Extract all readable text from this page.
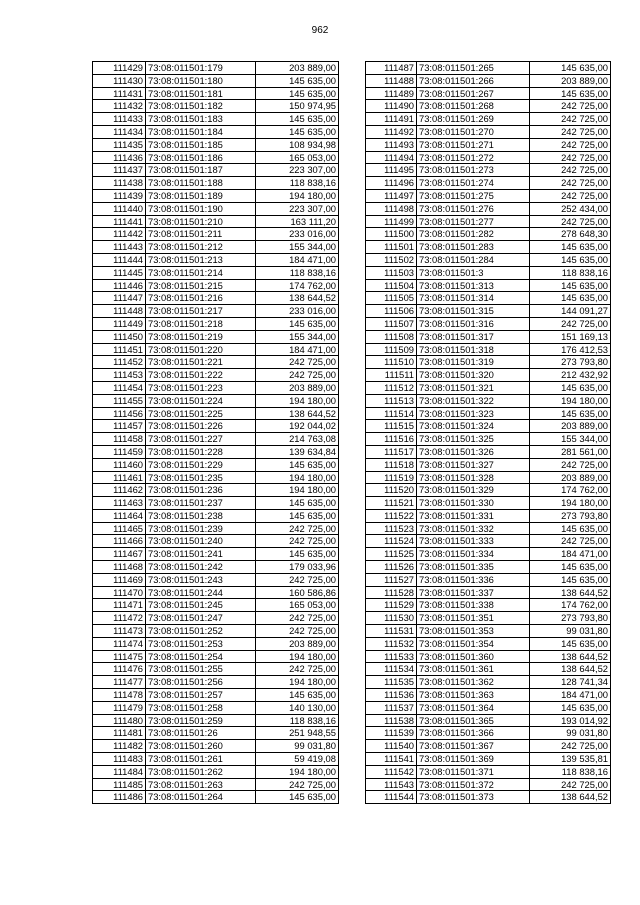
962
111429	73:08:011501:179	203 889,00
111430	73:08:011501:180	145 635,00
111431	73:08:011501:181	145 635,00
111432	73:08:011501:182	150 974,95
111433	73:08:011501:183	145 635,00
111434	73:08:011501:184	145 635,00
111435	73:08:011501:185	108 934,98
111436	73:08:011501:186	165 053,00
111437	73:08:011501:187	223 307,00
111438	73:08:011501:188	118 838,16
111439	73:08:011501:189	194 180,00
111440	73:08:011501:190	223 307,00
111441	73:08:011501:210	163 111,20
111442	73:08:011501:211	233 016,00
111443	73:08:011501:212	155 344,00
111444	73:08:011501:213	184 471,00
111445	73:08:011501:214	118 838,16
111446	73:08:011501:215	174 762,00
111447	73:08:011501:216	138 644,52
111448	73:08:011501:217	233 016,00
111449	73:08:011501:218	145 635,00
111450	73:08:011501:219	155 344,00
111451	73:08:011501:220	184 471,00
111452	73:08:011501:221	242 725,00
111453	73:08:011501:222	242 725,00
111454	73:08:011501:223	203 889,00
111455	73:08:011501:224	194 180,00
111456	73:08:011501:225	138 644,52
111457	73:08:011501:226	192 044,02
111458	73:08:011501:227	214 763,08
111459	73:08:011501:228	139 634,84
111460	73:08:011501:229	145 635,00
111461	73:08:011501:235	194 180,00
111462	73:08:011501:236	194 180,00
111463	73:08:011501:237	145 635,00
111464	73:08:011501:238	145 635,00
111465	73:08:011501:239	242 725,00
111466	73:08:011501:240	242 725,00
111467	73:08:011501:241	145 635,00
111468	73:08:011501:242	179 033,96
111469	73:08:011501:243	242 725,00
111470	73:08:011501:244	160 586,86
111471	73:08:011501:245	165 053,00
111472	73:08:011501:247	242 725,00
111473	73:08:011501:252	242 725,00
111474	73:08:011501:253	203 889,00
111475	73:08:011501:254	194 180,00
111476	73:08:011501:255	242 725,00
111477	73:08:011501:256	194 180,00
111478	73:08:011501:257	145 635,00
111479	73:08:011501:258	140 130,00
111480	73:08:011501:259	118 838,16
111481	73:08:011501:26	251 948,55
111482	73:08:011501:260	99 031,80
111483	73:08:011501:261	59 419,08
111484	73:08:011501:262	194 180,00
111485	73:08:011501:263	242 725,00
111486	73:08:011501:264	145 635,00
111487	73:08:011501:265	145 635,00
111488	73:08:011501:266	203 889,00
111489	73:08:011501:267	145 635,00
111490	73:08:011501:268	242 725,00
111491	73:08:011501:269	242 725,00
111492	73:08:011501:270	242 725,00
111493	73:08:011501:271	242 725,00
111494	73:08:011501:272	242 725,00
111495	73:08:011501:273	242 725,00
111496	73:08:011501:274	242 725,00
111497	73:08:011501:275	242 725,00
111498	73:08:011501:276	252 434,00
111499	73:08:011501:277	242 725,00
111500	73:08:011501:282	278 648,30
111501	73:08:011501:283	145 635,00
111502	73:08:011501:284	145 635,00
111503	73:08:011501:3	118 838,16
111504	73:08:011501:313	145 635,00
111505	73:08:011501:314	145 635,00
111506	73:08:011501:315	144 091,27
111507	73:08:011501:316	242 725,00
111508	73:08:011501:317	151 169,13
111509	73:08:011501:318	176 412,53
111510	73:08:011501:319	273 793,80
111511	73:08:011501:320	212 432,92
111512	73:08:011501:321	145 635,00
111513	73:08:011501:322	194 180,00
111514	73:08:011501:323	145 635,00
111515	73:08:011501:324	203 889,00
111516	73:08:011501:325	155 344,00
111517	73:08:011501:326	281 561,00
111518	73:08:011501:327	242 725,00
111519	73:08:011501:328	203 889,00
111520	73:08:011501:329	174 762,00
111521	73:08:011501:330	194 180,00
111522	73:08:011501:331	273 793,80
111523	73:08:011501:332	145 635,00
111524	73:08:011501:333	242 725,00
111525	73:08:011501:334	184 471,00
111526	73:08:011501:335	145 635,00
111527	73:08:011501:336	145 635,00
111528	73:08:011501:337	138 644,52
111529	73:08:011501:338	174 762,00
111530	73:08:011501:351	273 793,80
111531	73:08:011501:353	99 031,80
111532	73:08:011501:354	145 635,00
111533	73:08:011501:360	138 644,52
111534	73:08:011501:361	138 644,52
111535	73:08:011501:362	128 741,34
111536	73:08:011501:363	184 471,00
111537	73:08:011501:364	145 635,00
111538	73:08:011501:365	193 014,92
111539	73:08:011501:366	99 031,80
111540	73:08:011501:367	242 725,00
111541	73:08:011501:369	139 535,81
111542	73:08:011501:371	118 838,16
111543	73:08:011501:372	242 725,00
111544	73:08:011501:373	138 644,52
